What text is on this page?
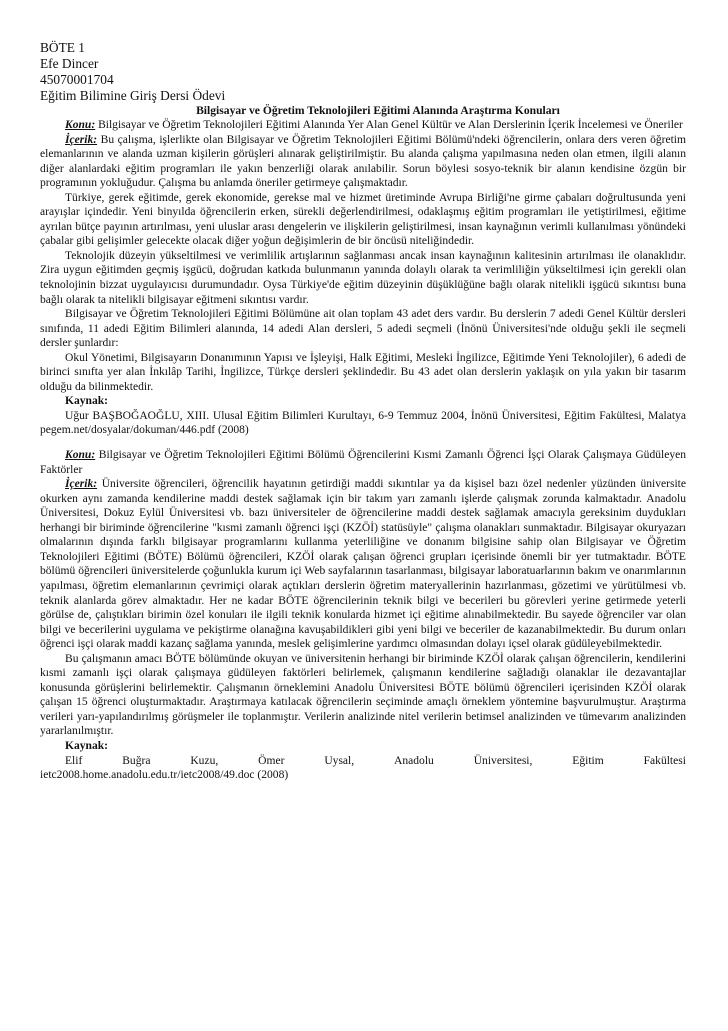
BÖTE 1
Efe Dincer
45070001704
Eğitim Bilimine Giriş Dersi Ödevi
Bilgisayar ve Öğretim Teknolojileri Eğitimi Alanında Araştırma Konuları

Konu: Bilgisayar ve Öğretim Teknolojileri Eğitimi Alanında Yer Alan Genel Kültür ve Alan Derslerinin İçerik İncelemesi ve Öneriler

İçerik: Bu çalışma, işlerlikte olan Bilgisayar ve Öğretim Teknolojileri Eğitimi Bölümü'ndeki öğrencilerin, onlara ders veren öğretim elemanlarının ve alanda uzman kişilerin görüşleri alınarak geliştirilmiştir. Bu alanda çalışma yapılmasına neden olan etmen, ilgili alanın diğer alanlardaki eğitim programları ile yakın benzerliği olarak anılabilir. Sorun böylesi sosyo-teknik bir alanın kendisine özgün bir programının yokluğudur. Çalışma bu anlamda öneriler getirmeye çalışmaktadır.

Türkiye, gerek eğitimde, gerek ekonomide, gerekse mal ve hizmet üretiminde Avrupa Birliği'ne girme çabaları doğrultusunda yeni arayışlar içindedir. Yeni binyılda öğrencilerin erken, sürekli değerlendirilmesi, odaklaşmış eğitim programları ile yetiştirilmesi, eğitime ayrılan bütçe payının artırılması, yeni uluslar arası dengelerin ve ilişkilerin geliştirilmesi, insan kaynağının verimli kullanılması yönündeki çabalar gibi gelişimler gelecekte olacak diğer yoğun değişimlerin de bir öncüsü niteliğindedir.

Teknolojik düzeyin yükseltilmesi ve verimlilik artışlarının sağlanması ancak insan kaynağının kalitesinin artırılması ile olanaklıdır. Zira uygun eğitimden geçmiş işgücü, doğrudan katkıda bulunmanın yanında dolaylı olarak ta verimliliğin yükseltilmesi için gerekli olan teknolojinin bizzat uygulayıcısı durumundadır. Oysa Türkiye'de eğitim düzeyinin düşüklüğüne bağlı olarak nitelikli işgücü sıkıntısı buna bağlı olarak ta nitelikli bilgisayar eğitmeni sıkıntısı vardır.

Bilgisayar ve Öğretim Teknolojileri Eğitimi Bölümüne ait olan toplam 43 adet ders vardır. Bu derslerin 7 adedi Genel Kültür dersleri sınıfında, 11 adedi Eğitim Bilimleri alanında, 14 adedi Alan dersleri, 5 adedi seçmeli (İnönü Üniversitesi'nde olduğu şekli ile seçmeli dersler şunlardır:

Okul Yönetimi, Bilgisayarın Donanımının Yapısı ve İşleyişi, Halk Eğitimi, Mesleki İngilizce, Eğitimde Yeni Teknolojiler), 6 adedi de birinci sınıfta yer alan İnkılâp Tarihi, İngilizce, Türkçe dersleri şeklindedir. Bu 43 adet olan derslerin yaklaşık on yıla yakın bir tasarım olduğu da bilinmektedir.

Kaynak:

Uğur BAŞBOĞAOĞLU, XIII. Ulusal Eğitim Bilimleri Kurultayı, 6-9 Temmuz 2004, İnönü Üniversitesi, Eğitim Fakültesi, Malatya pegem.net/dosyalar/dokuman/446.pdf (2008)

Konu: Bilgisayar ve Öğretim Teknolojileri Eğitimi Bölümü Öğrencilerini Kısmi Zamanlı Öğrenci İşçi Olarak Çalışmaya Güdüleyen Faktörler

İçerik: Üniversite öğrencileri, öğrencilik hayatının getirdiği maddi sıkıntılar ya da kişisel bazı özel nedenler yüzünden üniversite okurken aynı zamanda kendilerine maddi destek sağlamak için bir takım yarı zamanlı işlerde çalışmak zorunda kalmaktadır. Anadolu Üniversitesi, Dokuz Eylül Üniversitesi vb. bazı üniversiteler de öğrencilerine maddi destek sağlamak amacıyla gereksinim duydukları herhangi bir biriminde öğrencilerine "kısmi zamanlı öğrenci işçi (KZÖİ) statüsüyle" çalışma olanakları sunmaktadır. Bilgisayar okuryazarı olmalarının dışında farklı bilgisayar programlarını kullanma yeterliliğine ve donanım bilgisine sahip olan Bilgisayar ve Öğretim Teknolojileri Eğitimi (BÖTE) Bölümü öğrencileri, KZÖİ olarak çalışan öğrenci grupları içerisinde önemli bir yer tutmaktadır. BÖTE bölümü öğrencileri üniversitelerde çoğunlukla kurum içi Web sayfalarının tasarlanması, bilgisayar laboratuarlarının bakım ve onarımlarının yapılması, öğretim elemanlarının çevrimiçi olarak açtıkları derslerin öğretim materyallerinin hazırlanması, gözetimi ve yürütülmesi vb. teknik alanlarda görev almaktadır. Her ne kadar BÖTE öğrencilerinin teknik bilgi ve becerileri bu görevleri yerine getirmede yeterli görülse de, çalıştıkları birimin özel konuları ile ilgili teknik konularda hizmet içi eğitime alınabilmektedir. Bu sayede öğrenciler var olan bilgi ve becerilerini uygulama ve pekiştirme olanağına kavuşabildikleri gibi yeni bilgi ve beceriler de kazanabilmektedir. Bu durum onları öğrenci işçi olarak maddi kazanç sağlama yanında, meslek gelişimlerine yardımcı olmasından dolayı içsel olarak güdüleyebilmektedir.

Bu çalışmanın amacı BÖTE bölümünde okuyan ve üniversitenin herhangi bir biriminde KZÖİ olarak çalışan öğrencilerin, kendilerini kısmi zamanlı işçi olarak çalışmaya güdüleyen faktörleri belirlemek, çalışmanın kendilerine sağladığı olanaklar ile dezavantajlar konusunda görüşlerini belirlemektir. Çalışmanın örneklemini Anadolu Üniversitesi BÖTE bölümü öğrencileri içerisinden KZÖİ olarak çalışan 15 öğrenci oluşturmaktadır. Araştırmaya katılacak öğrencilerin seçiminde amaçlı örneklem yöntemine başvurulmuştur. Araştırma verileri yarı-yapılandırılmış görüşmeler ile toplanmıştır. Verilerin analizinde nitel verilerin betimsel analizinden ve tümevarım analizinden yararlanılmıştır.

Kaynak:

Elif	Buğra	Kuzu,	Ömer	Uysal,	Anadolu	Üniversitesi,	Eğitim	Fakültesi

ietc2008.home.anadolu.edu.tr/ietc2008/49.doc (2008)
